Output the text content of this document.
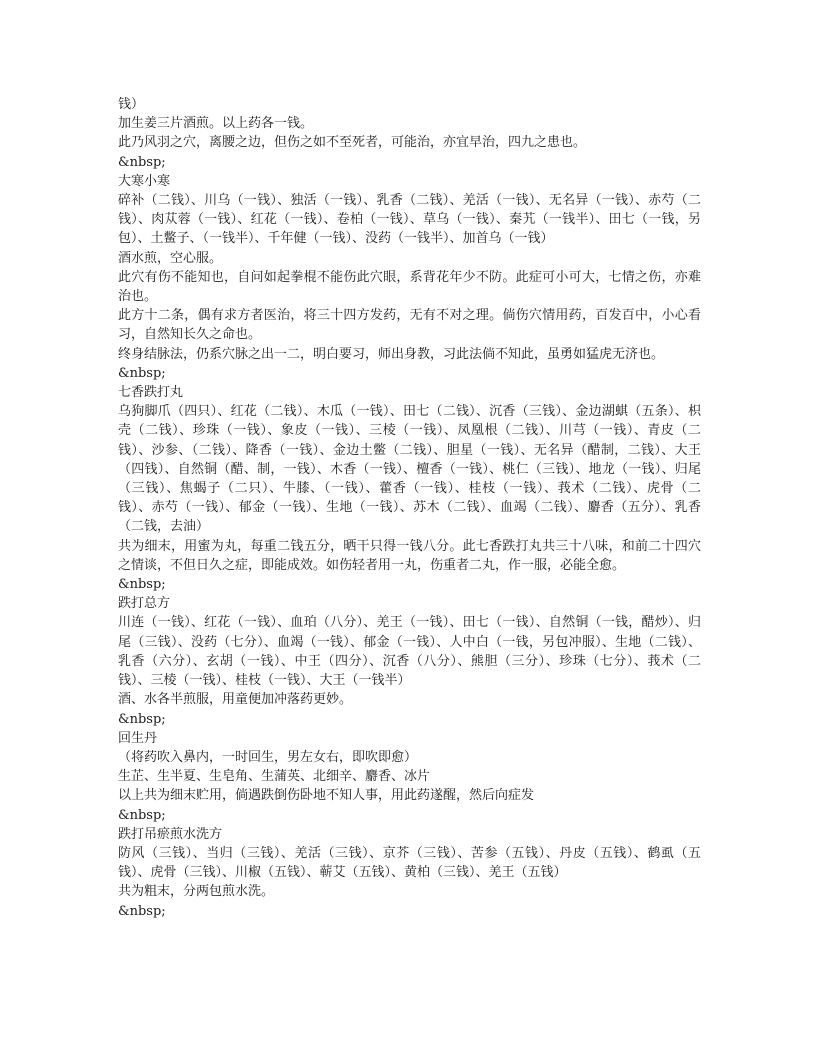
钱）
加生姜三片酒煎。以上药各一钱。
此乃风羽之穴，离腰之边，但伤之如不至死者，可能治，亦宜早治，四九之患也。
&nbsp;
大寒小寒
碎补（二钱）、川乌（一钱）、独活（一钱）、乳香（二钱）、羌活（一钱）、无名异（一钱）、赤芍（二钱）、肉苁蓉（一钱）、红花（一钱）、卷柏（一钱）、草乌（一钱）、秦艽（一钱半）、田七（一钱，另包）、土鳖子、（一钱半）、千年健（一钱）、没药（一钱半）、加首乌（一钱）
酒水煎，空心服。
此穴有伤不能知也，自问如起拳棍不能伤此穴眼，系背花年少不防。此症可小可大，七情之伤，亦难治也。
此方十二条，偶有求方者医治，将三十四方发药，无有不对之理。倘伤穴情用药，百发百中，小心看习，自然知长久之命也。
终身结脉法，仍系穴脉之出一二，明白要习，师出身教，习此法倘不知此，虽勇如猛虎无济也。
&nbsp;
七香跌打丸
乌狗脚爪（四只）、红花（二钱）、木瓜（一钱）、田七（二钱）、沉香（三钱）、金边湖蜞（五条）、枳壳（二钱）、珍珠（一钱）、象皮（一钱）、三棱（一钱）、凤凰根（二钱）、川芎（一钱）、青皮（二钱）、沙参、（二钱）、降香（一钱）、金边土鳖（二钱）、胆星（一钱）、无名异（醋制，二钱）、大王（四钱）、自然铜（醋、制，一钱）、木香（一钱）、檀香（一钱）、桃仁（三钱）、地龙（一钱）、归尾（三钱）、焦蝎子（二只）、牛膝、（一钱）、藿香（一钱）、桂枝（一钱）、莪术（二钱）、虎骨（二钱）、赤芍（一钱）、郁金（一钱）、生地（一钱）、苏木（二钱）、血竭（二钱）、麝香（五分）、乳香（二钱，去油）
共为细末，用蜜为丸，每重二钱五分，晒干只得一钱八分。此七香跌打丸共三十八味，和前二十四穴之情谈，不但日久之症，即能成效。如伤轻者用一丸，伤重者二丸，作一服，必能全愈。
&nbsp;
跌打总方
川连（一钱）、红花（一钱）、血珀（八分）、羌王（一钱）、田七（一钱）、自然铜（一钱，醋炒）、归尾（三钱）、没药（七分）、血竭（一钱）、郁金（一钱）、人中白（一钱，另包冲服）、生地（二钱）、乳香（六分）、玄胡（一钱）、中王（四分）、沉香（八分）、熊胆（三分）、珍珠（七分）、莪术（二钱）、三棱（一钱）、桂枝（一钱）、大王（一钱半）
酒、水各半煎服，用童便加冲落药更妙。
&nbsp;
回生丹
（将药吹入鼻内，一时回生，男左女右，即吹即愈）
生芷、生半夏、生皂角、生蒲英、北细辛、麝香、冰片
以上共为细末贮用，倘遇跌倒伤卧地不知人事，用此药遂醒，然后向症发
&nbsp;
跌打吊瘀煎水洗方
防风（三钱）、当归（三钱）、羌活（三钱）、京芥（三钱）、苦参（五钱）、丹皮（五钱）、鹤虱（五钱）、虎骨（三钱）、川椒（五钱）、蕲艾（五钱）、黄柏（三钱）、羌王（五钱）
共为粗末，分两包煎水洗。
&nbsp;
